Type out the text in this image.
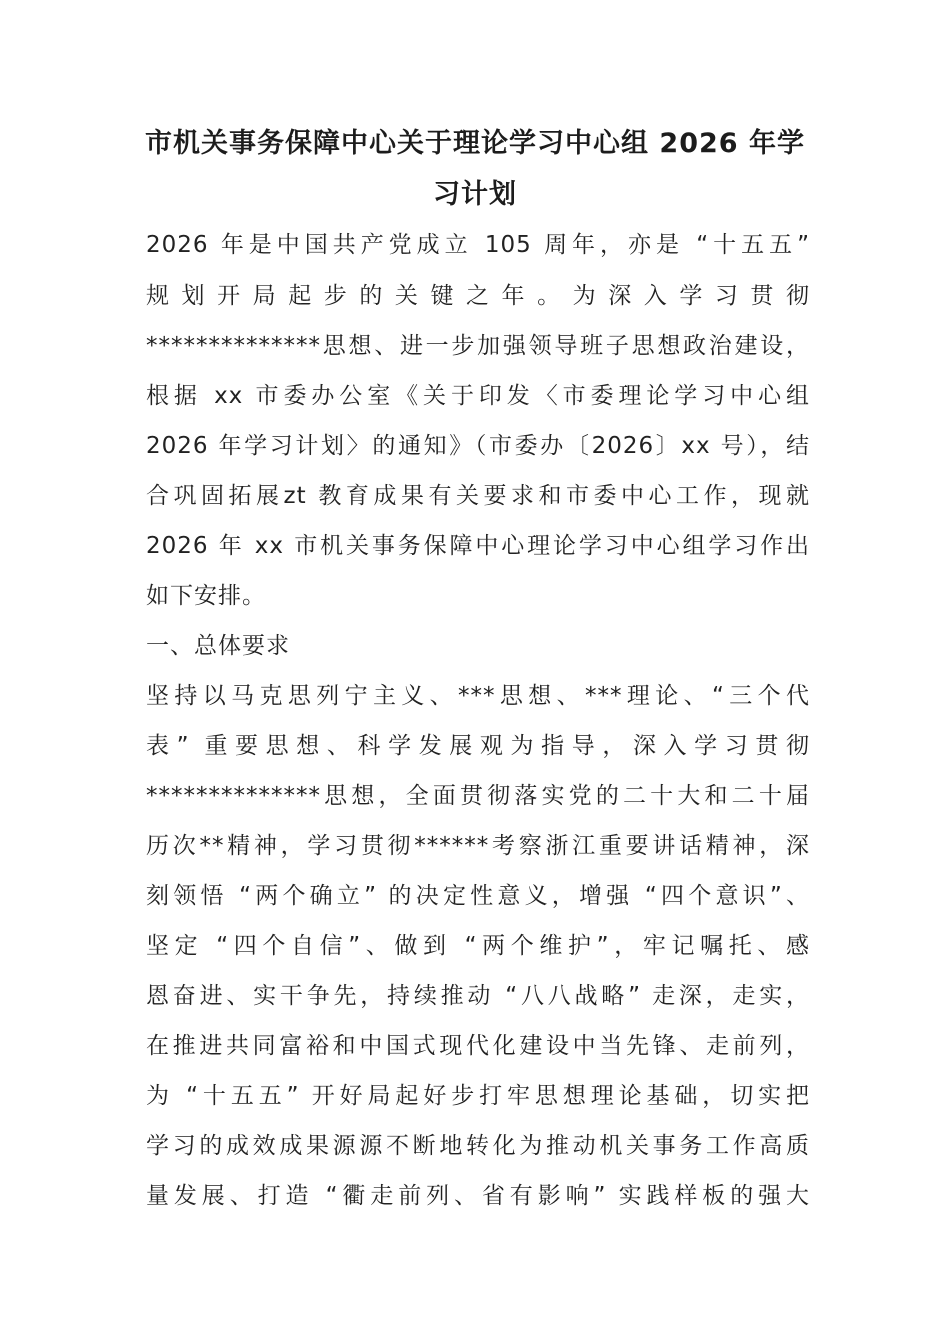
市机关事务保障中心关于理论学习中心组 2026 年学
习计划
2026 年是中国共产党成立 105 周年，亦是 “十五五”
规 划 开 局 起 步 的 关 键 之 年 。 为 深 入 学 习 贯 彻
**************思想、进一步加强领导班子思想政治建设，
根据 xx 市委办公室《关于印发〈市委理论学习中心组
2026 年学习计划〉的通知》（市委办〔2026〕xx 号），结
合巩固拓展zt 教育成果有关要求和市委中心工作，现就
2026 年 xx 市机关事务保障中心理论学习中心组学习作出
如下安排。
一、总体要求
坚持以马克思列宁主义、***思想、***理论、“三个代
表” 重要思想、科学发展观为指导，深入学习贯彻
**************思想，全面贯彻落实党的二十大和二十届
历次**精神，学习贯彻******考察浙江重要讲话精神，深
刻领悟 “两个确立” 的决定性意义，增强 “四个意识”、
坚定 “四个自信”、做到 “两个维护”，牢记嘱托、感
恩奋进、实干争先，持续推动 “八八战略” 走深，走实，
在推进共同富裕和中国式现代化建设中当先锋、走前列，
为 “十五五” 开好局起好步打牢思想理论基础，切实把
学习的成效成果源源不断地转化为推动机关事务工作高质
量发展、打造 “衢走前列、省有影响” 实践样板的强大
